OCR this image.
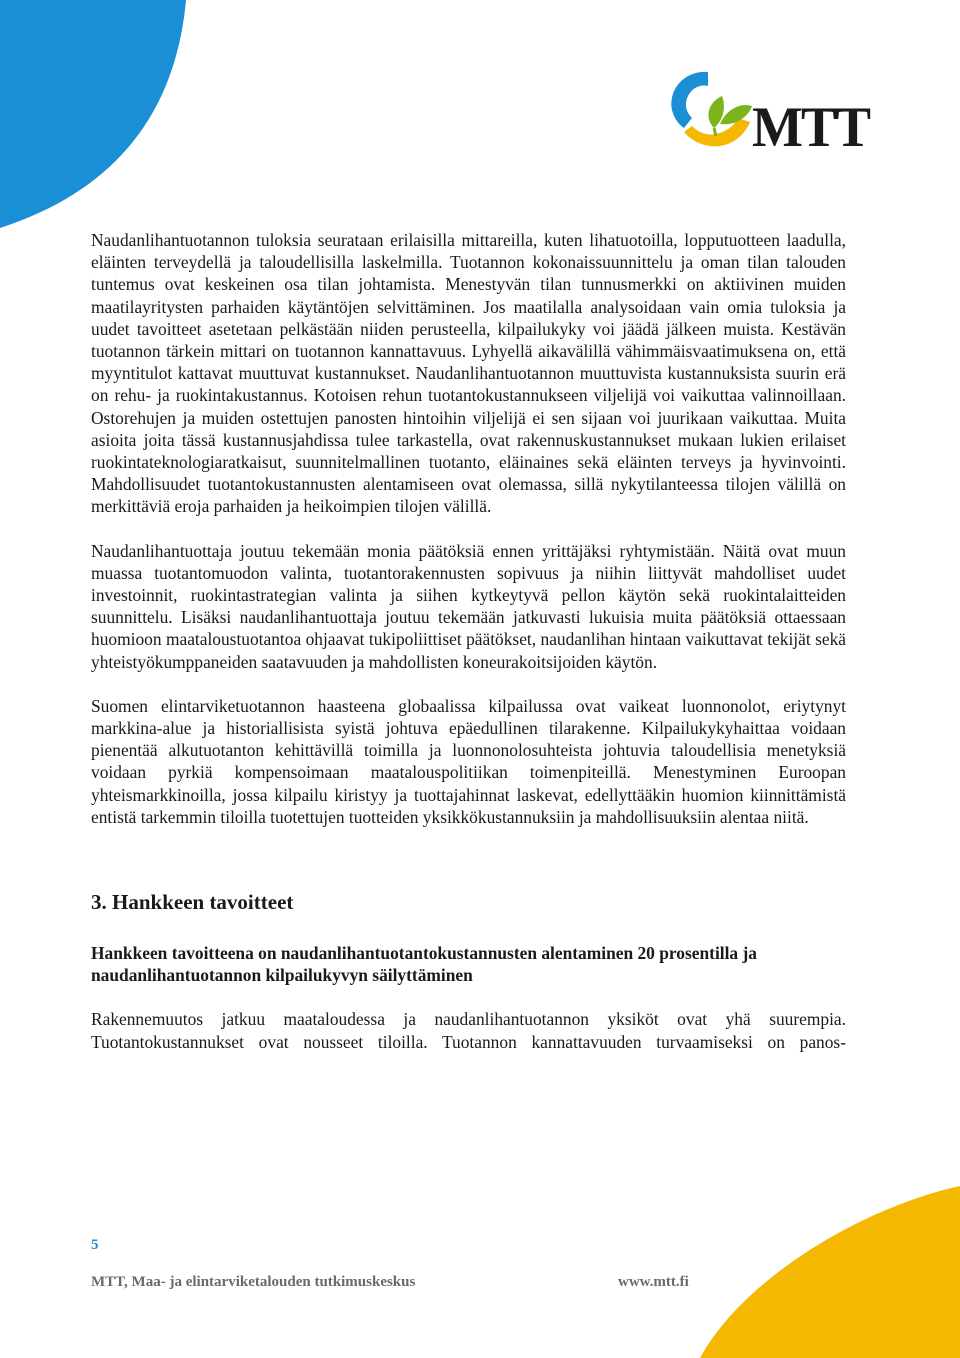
MTT

Naudanlihantuotannon tuloksia seurataan erilaisilla mittareilla, kuten lihatuotoilla, lopputuotteen laadulla, eläinten terveydellä ja taloudellisilla laskelmilla. Tuotannon kokonaissuunnittelu ja oman tilan talouden tuntemus ovat keskeinen osa tilan johtamista. Menestyvän tilan tunnusmerkki on aktiivinen muiden maatilayritysten parhaiden käytäntöjen selvittäminen. Jos maatilalla analysoidaan vain omia tuloksia ja uudet tavoitteet asetetaan pelkästään niiden perusteella, kilpailukyky voi jäädä jälkeen muista. Kestävän tuotannon tärkein mittari on tuotannon kannattavuus. Lyhyellä aikavälillä vähimmäisvaatimuksena on, että myyntitulot kattavat muuttuvat kustannukset. Naudanlihantuotannon muuttuvista kustannuksista suurin erä on rehu- ja ruokintakustannus. Kotoisen rehun tuotantokustannukseen viljelijä voi vaikuttaa valinnoillaan. Ostorehujen ja muiden ostettujen panosten hintoihin viljelijä ei sen sijaan voi juurikaan vaikuttaa. Muita asioita joita tässä kustannusjahdissa tulee tarkastella, ovat rakennuskustannukset mukaan lukien erilaiset ruokintateknologiaratkaisut, suunnitelmallinen tuotanto, eläinaines sekä eläinten terveys ja hyvinvointi. Mahdollisuudet tuotantokustannusten alentamiseen ovat olemassa, sillä nykytilanteessa tilojen välillä on merkittäviä eroja parhaiden ja heikoimpien tilojen välillä.

Naudanlihantuottaja joutuu tekemään monia päätöksiä ennen yrittäjäksi ryhtymistään. Näitä ovat muun muassa tuotantomuodon valinta, tuotantorakennusten sopivuus ja niihin liittyvät mahdolliset uudet investoinnit, ruokintastrategian valinta ja siihen kytkeytyvä pellon käytön sekä ruokintalaitteiden suunnittelu. Lisäksi naudanlihantuottaja joutuu tekemään jatkuvasti lukuisia muita päätöksiä ottaessaan huomioon maataloustuotantoa ohjaavat tukipoliittiset päätökset, naudanlihan hintaan vaikuttavat tekijät sekä yhteistyökumppaneiden saatavuuden ja mahdollisten koneurakoitsijoiden käytön.

Suomen elintarviketuotannon haasteena globaalissa kilpailussa ovat vaikeat luonnonolot, eriytynyt markkina-alue ja historiallisista syistä johtuva epäedullinen tilarakenne. Kilpailukykyhaittaa voidaan pienentää alkutuotanton kehittävillä toimilla ja luonnonolosuhteista johtuvia taloudellisia menetyksiä voidaan pyrkiä kompensoimaan maatalouspolitiikan toimenpiteillä. Menestyminen Euroopan yhteismarkkinoilla, jossa kilpailu kiristyy ja tuottajahinnat laskevat, edellyttääkin huomion kiinnittämistä entistä tarkemmin tiloilla tuotettujen tuotteiden yksikkökustannuksiin ja mahdollisuuksiin alentaa niitä.

3. Hankkeen tavoitteet

Hankkeen tavoitteena on naudanlihantuotantokustannusten alentaminen 20 prosentilla ja naudanlihantuotannon kilpailukyvyn säilyttäminen

Rakennemuutos jatkuu maataloudessa ja naudanlihantuotannon yksiköt ovat yhä suurempia. Tuotantokustannukset ovat nousseet tiloilla. Tuotannon kannattavuuden turvaamiseksi on panos-

5
MTT, Maa- ja elintarviketalouden tutkimuskeskus	www.mtt.fi
